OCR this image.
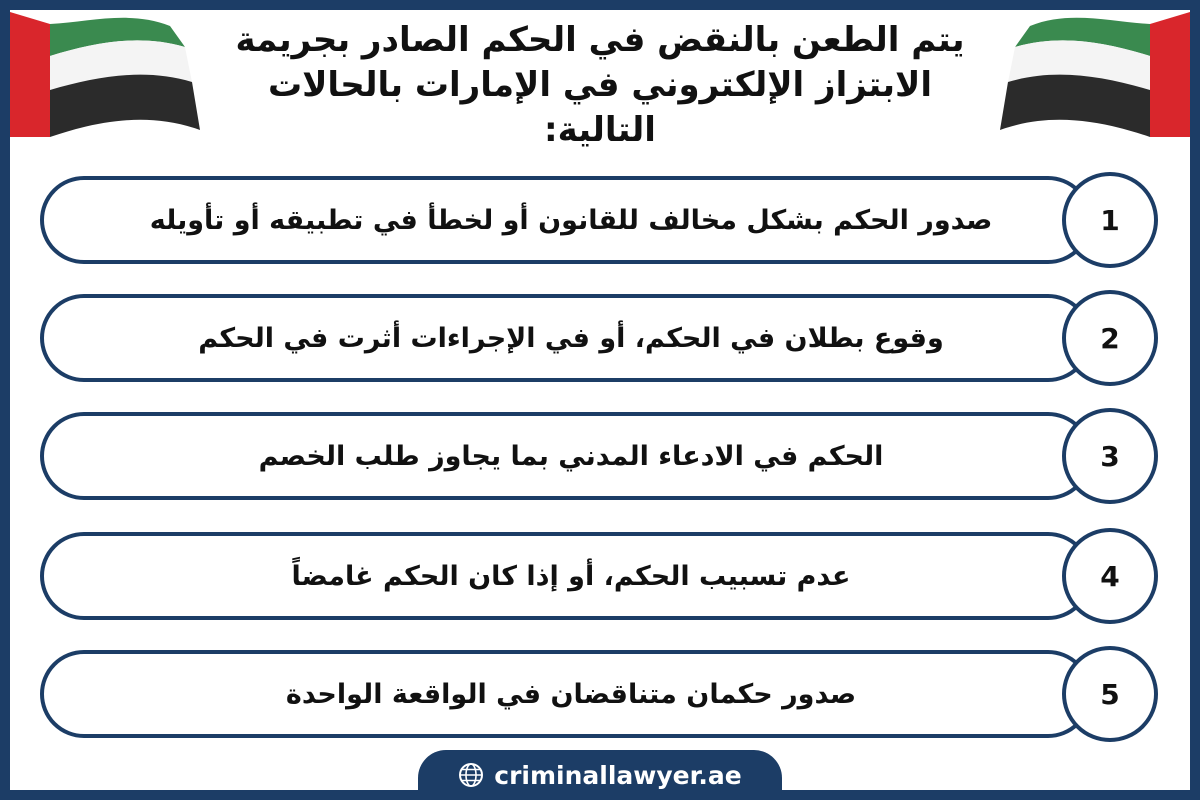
يتم الطعن بالنقض في الحكم الصادر بجريمة الابتزاز الإلكتروني في الإمارات بالحالات التالية:
صدور الحكم بشكل مخالف للقانون أو لخطأ في تطبيقه أو تأويله	1
وقوع بطلان في الحكم، أو في الإجراءات أثرت في الحكم	2
الحكم في الادعاء المدني بما يجاوز طلب الخصم	3
عدم تسبيب الحكم، أو إذا كان الحكم غامضاً	4
صدور حكمان متناقضان في الواقعة الواحدة	5
criminallawyer.ae
